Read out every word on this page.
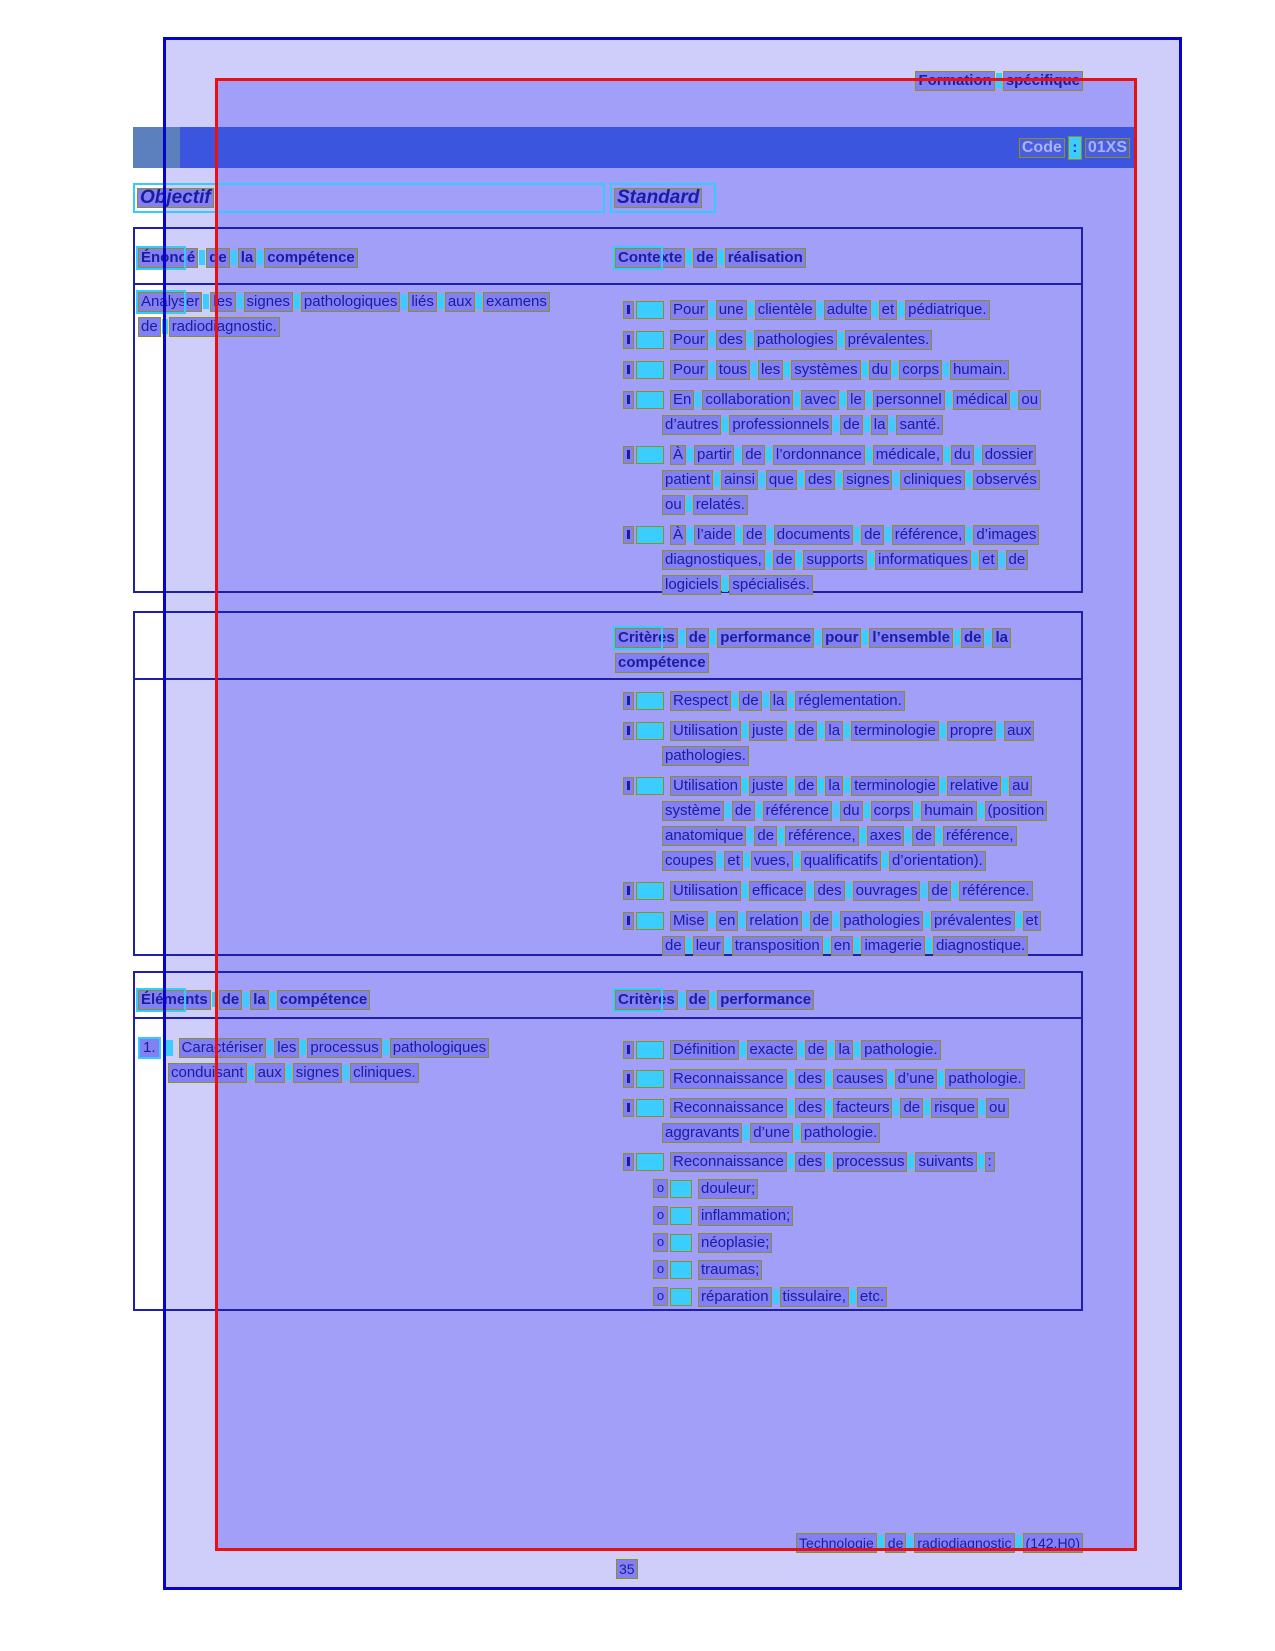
Formation spécifique
Code : 01XS
Objectif	Standard
Énoncé de la compétence	Contexte de réalisation
Analyser les signes pathologiques liés aux examens
de radiodiagnostic.
Pour une clientèle adulte et pédiatrique.
Pour des pathologies prévalentes.
Pour tous les systèmes du corps humain.
En collaboration avec le personnel médical ou
d’autres professionnels de la santé.
À partir de l’ordonnance médicale, du dossier
patient ainsi que des signes cliniques observés
ou relatés.
À l’aide de documents de référence, d’images
diagnostiques, de supports informatiques et de
logiciels spécialisés.
Critères de performance pour l’ensemble de la
compétence
Respect de la réglementation.
Utilisation juste de la terminologie propre aux
pathologies.
Utilisation juste de la terminologie relative au
système de référence du corps humain (position
anatomique de référence, axes de référence,
coupes et vues, qualificatifs d’orientation).
Utilisation efficace des ouvrages de référence.
Mise en relation de pathologies prévalentes et
de leur transposition en imagerie diagnostique.
Éléments de la compétence	Critères de performance
1.	Caractériser les processus pathologiques
conduisant aux signes cliniques.
Définition exacte de la pathologie.
Reconnaissance des causes d’une pathologie.
Reconnaissance des facteurs de risque ou
aggravants d’une pathologie.
Reconnaissance des processus suivants :
o douleur;
o inflammation;
o néoplasie;
o traumas;
o réparation tissulaire, etc.
Technologie de radiodiagnostic (142.H0)
35
